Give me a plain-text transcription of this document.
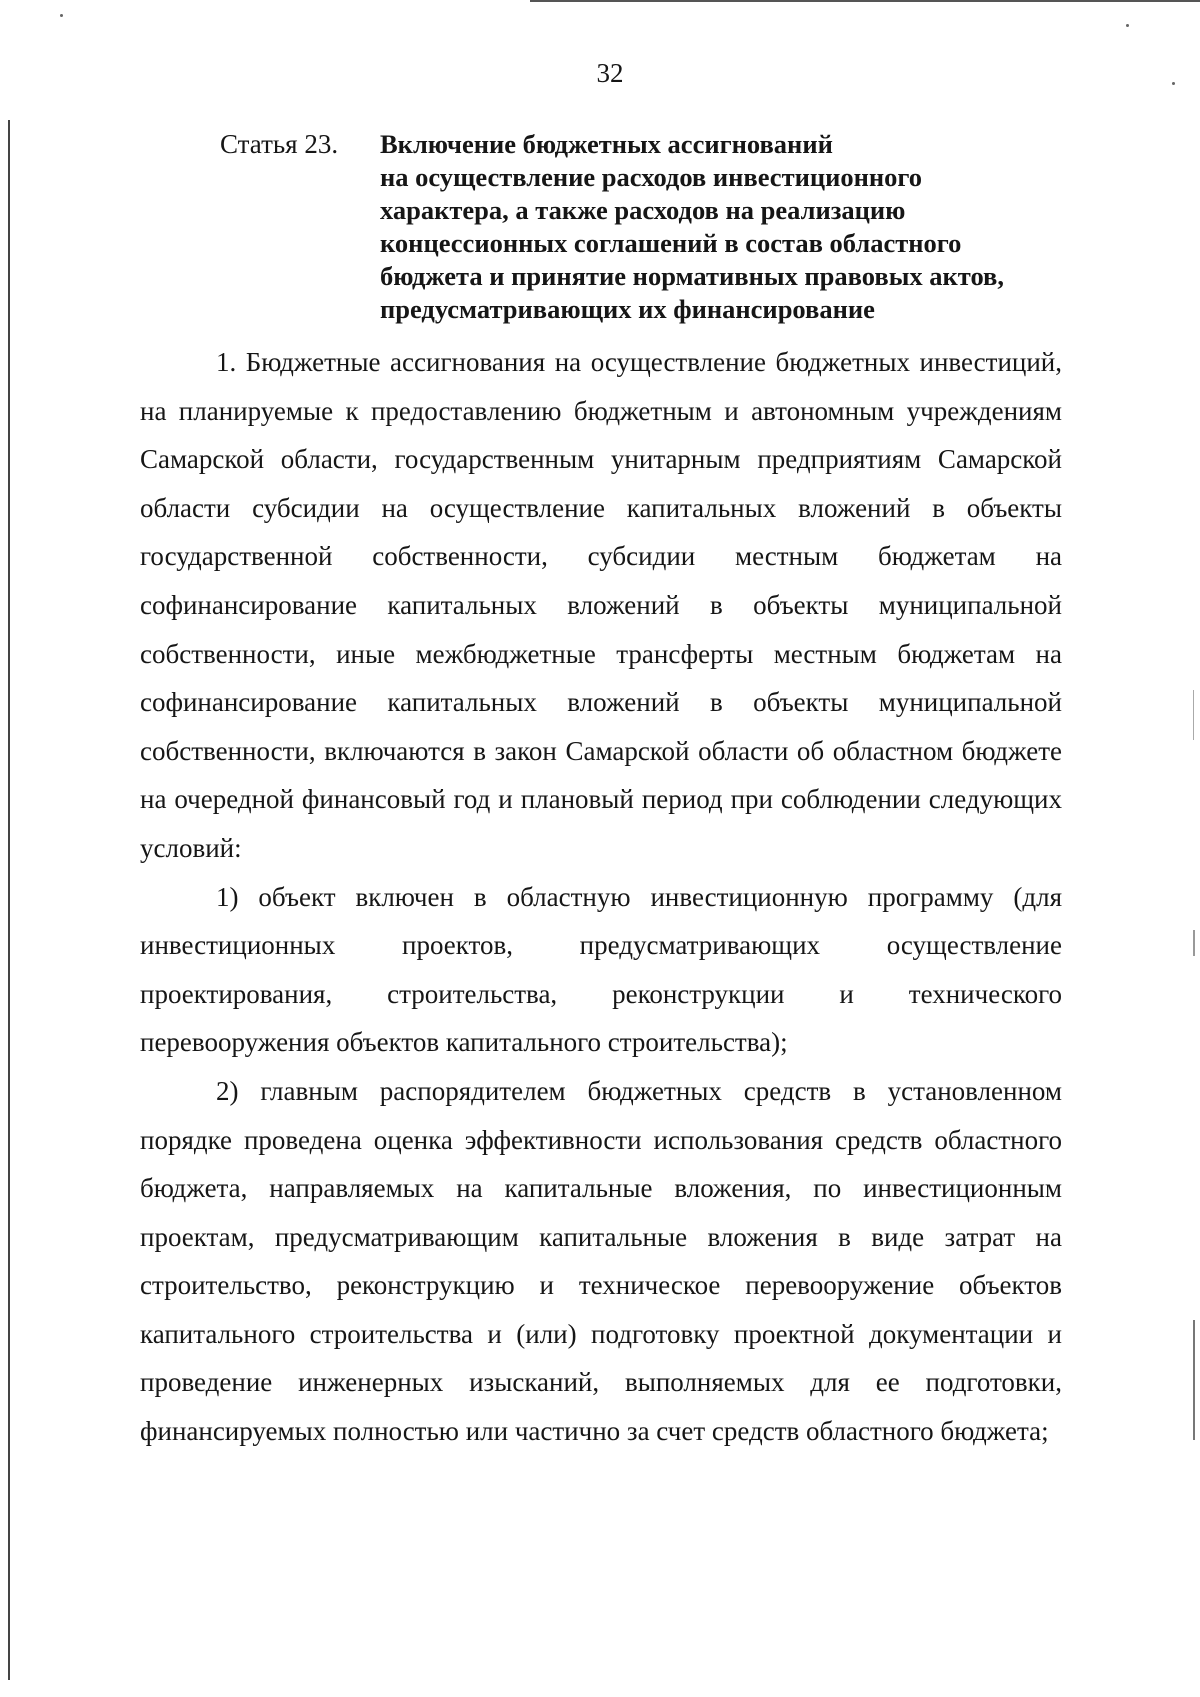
32
Статья 23.	Включение бюджетных ассигнований
на осуществление расходов инвестиционного
характера, а также расходов на реализацию
концессионных соглашений в состав областного
бюджета и принятие нормативных правовых актов,
предусматривающих их финансирование

1. Бюджетные ассигнования на осуществление бюджетных инвестиций, на планируемые к предоставлению бюджетным и автономным учреждениям Самарской области, государственным унитарным предприятиям Самарской области субсидии на осуществление капитальных вложений в объекты государственной собственности, субсидии местным бюджетам на софинансирование капитальных вложений в объекты муниципальной собственности, иные межбюджетные трансферты местным бюджетам на софинансирование капитальных вложений в объекты муниципальной собственности, включаются в закон Самарской области об областном бюджете на очередной финансовый год и плановый период при соблюдении следующих условий:

1) объект включен в областную инвестиционную программу (для инвестиционных проектов, предусматривающих осуществление проектирования, строительства, реконструкции и технического перевооружения объектов капитального строительства);

2) главным распорядителем бюджетных средств в установленном порядке проведена оценка эффективности использования средств областного бюджета, направляемых на капитальные вложения, по инвестиционным проектам, предусматривающим капитальные вложения в виде затрат на строительство, реконструкцию и техническое перевооружение объектов капитального строительства и (или) подготовку проектной документации и проведение инженерных изысканий, выполняемых для ее подготовки, финансируемых полностью или частично за счет средств областного бюджета;
